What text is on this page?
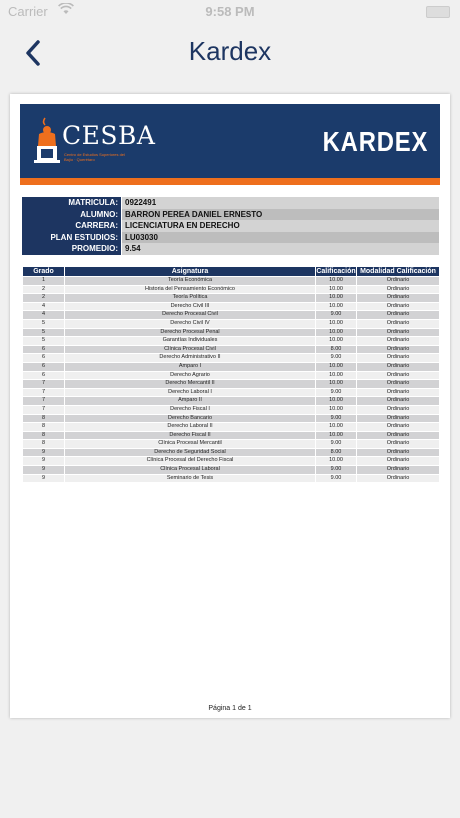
Carrier	9:58 PM
Kardex
CESBA
Centro de Estudios Superiores del Bajío · Querétaro
KARDEX
MATRICULA: 0922491
ALUMNO: BARRON PEREA DANIEL ERNESTO
CARRERA: LICENCIATURA EN DERECHO
PLAN ESTUDIOS: LU03030
PROMEDIO: 9.54
Grado	Asignatura	Calificación	Modalidad Calificación
1	Teoría Económica	10.00	Ordinario
2	Historia del Pensamiento Económico	10.00	Ordinario
2	Teoría Política	10.00	Ordinario
4	Derecho Civil III	10.00	Ordinario
4	Derecho Procesal Civil	9.00	Ordinario
5	Derecho Civil IV	10.00	Ordinario
5	Derecho Procesal Penal	10.00	Ordinario
5	Garantías Individuales	10.00	Ordinario
6	Clínica Procesal Civil	8.00	Ordinario
6	Derecho Administrativo II	9.00	Ordinario
6	Amparo I	10.00	Ordinario
6	Derecho Agrario	10.00	Ordinario
7	Derecho Mercantil II	10.00	Ordinario
7	Derecho Laboral I	9.00	Ordinario
7	Amparo II	10.00	Ordinario
7	Derecho Fiscal I	10.00	Ordinario
8	Derecho Bancario	9.00	Ordinario
8	Derecho Laboral II	10.00	Ordinario
8	Derecho Fiscal II	10.00	Ordinario
8	Clínica Procesal Mercantil	9.00	Ordinario
9	Derecho de Seguridad Social	8.00	Ordinario
9	Clínica Procesal del Derecho Fiscal	10.00	Ordinario
9	Clínica Procesal Laboral	9.00	Ordinario
9	Seminario de Tesis	9.00	Ordinario
Página 1 de 1
